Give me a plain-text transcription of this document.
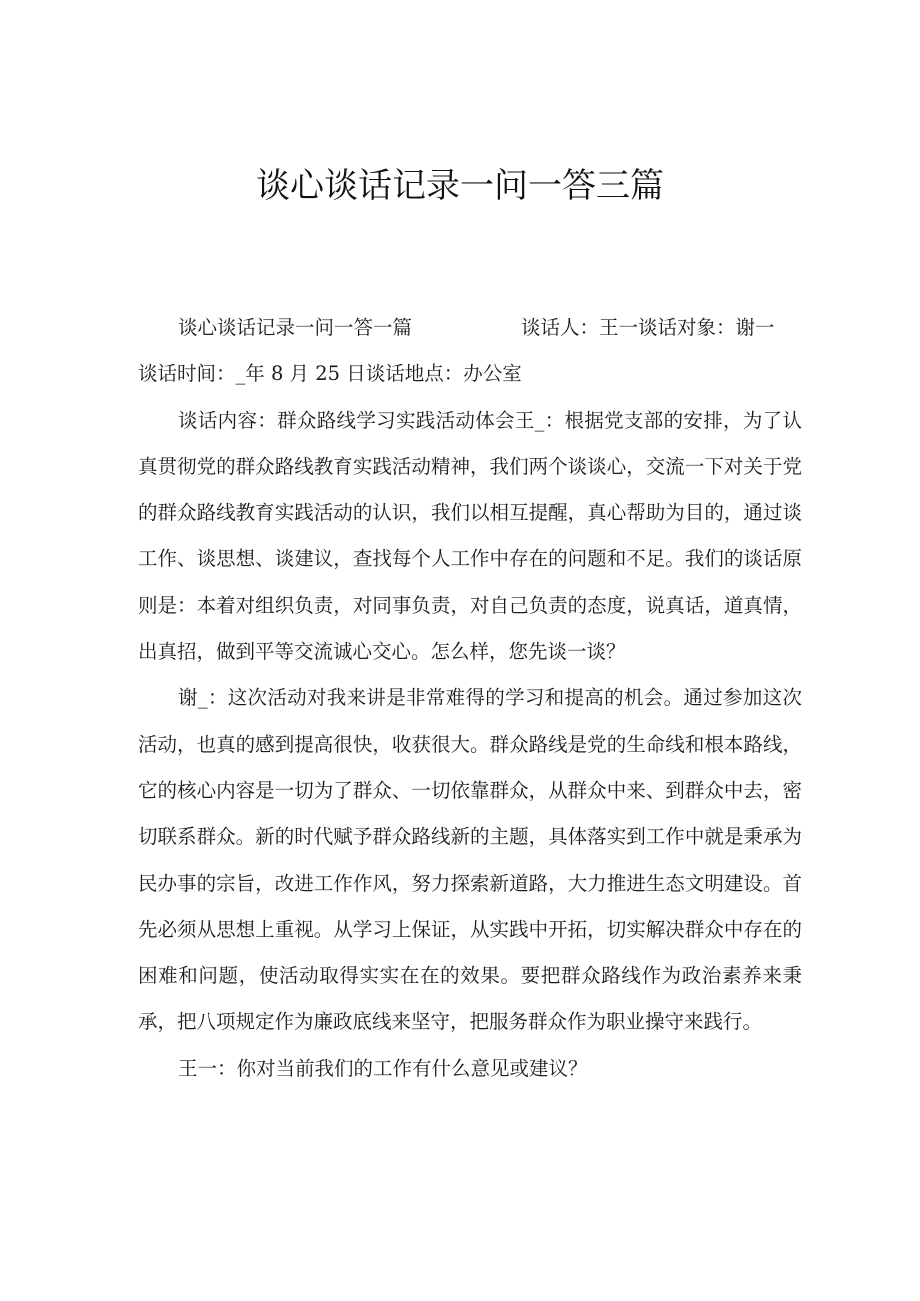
谈心谈话记录一问一答三篇
谈心谈话记录一问一答一篇	谈话人：王一谈话对象：谢一
谈话时间：_年 8 月 25 日谈话地点：办公室

谈话内容：群众路线学习实践活动体会王_：根据党支部的安排，为了认真贯彻党的群众路线教育实践活动精神，我们两个谈谈心，交流一下对关于党的群众路线教育实践活动的认识，我们以相互提醒，真心帮助为目的，通过谈工作、谈思想、谈建议，查找每个人工作中存在的问题和不足。我们的谈话原则是：本着对组织负责，对同事负责，对自己负责的态度，说真话，道真情，出真招，做到平等交流诚心交心。怎么样，您先谈一谈？

谢_：这次活动对我来讲是非常难得的学习和提高的机会。通过参加这次活动，也真的感到提高很快，收获很大。群众路线是党的生命线和根本路线，它的核心内容是一切为了群众、一切依靠群众，从群众中来、到群众中去，密切联系群众。新的时代赋予群众路线新的主题，具体落实到工作中就是秉承为民办事的宗旨，改进工作作风，努力探索新道路，大力推进生态文明建设。首先必须从思想上重视。从学习上保证，从实践中开拓，切实解决群众中存在的困难和问题，使活动取得实实在在的效果。要把群众路线作为政治素养来秉承，把八项规定作为廉政底线来坚守，把服务群众作为职业操守来践行。

王一：你对当前我们的工作有什么意见或建议？
